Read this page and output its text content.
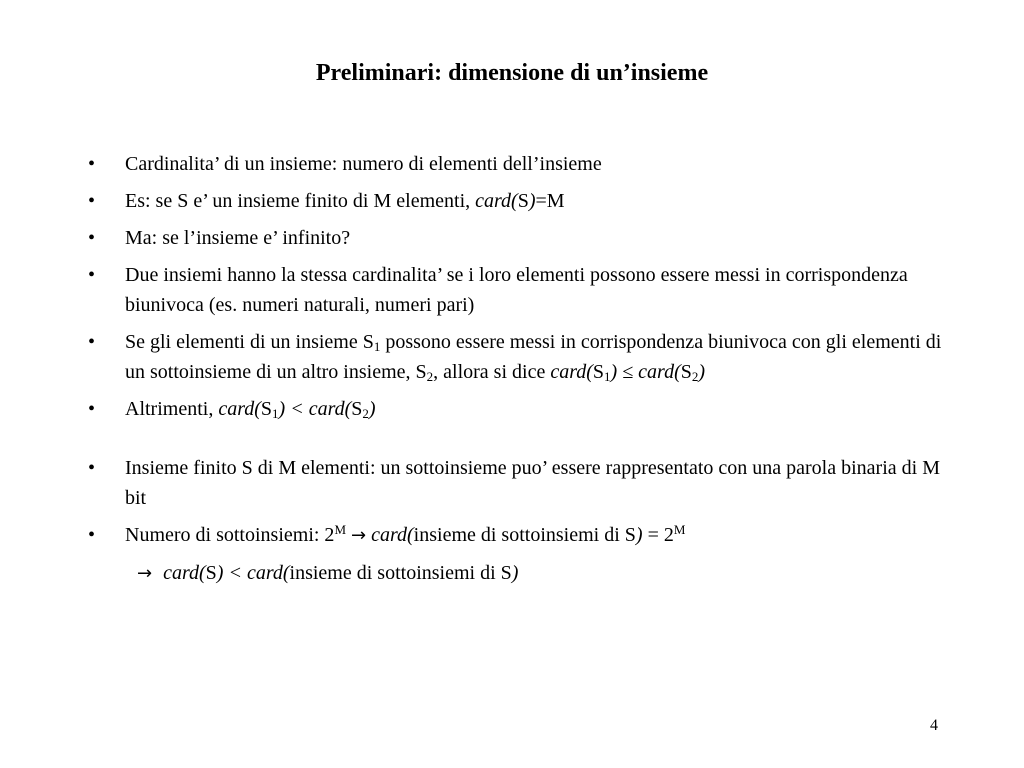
Preliminari: dimensione di un’insieme
• Cardinalita’ di un insieme: numero di elementi dell’insieme
• Es: se S e’ un insieme finito di M elementi, card(S)=M
• Ma: se l’insieme e’ infinito?
• Due insiemi hanno la stessa cardinalita’ se i loro elementi possono essere messi in corrispondenza biunivoca (es. numeri naturali, numeri pari)
• Se gli elementi di un insieme $S_1$ possono essere messi in corrispondenza biunivoca con gli elementi di un sottoinsieme di un altro insieme, $S_2$, allora si dice $card(S_1)$ ≤ $card(S_2)$
• Altrimenti, $card(S_1)$ < $card(S_2)$
• Insieme finito S di M elementi: un sottoinsieme puo’ essere rappresentato con una parola binaria di M bit
• Numero di sottoinsiemi: $2^M$ → card(insieme di sottoinsiemi di $S) = 2^M$
→ card(S) < card(insieme di sottoinsiemi di S)
4
